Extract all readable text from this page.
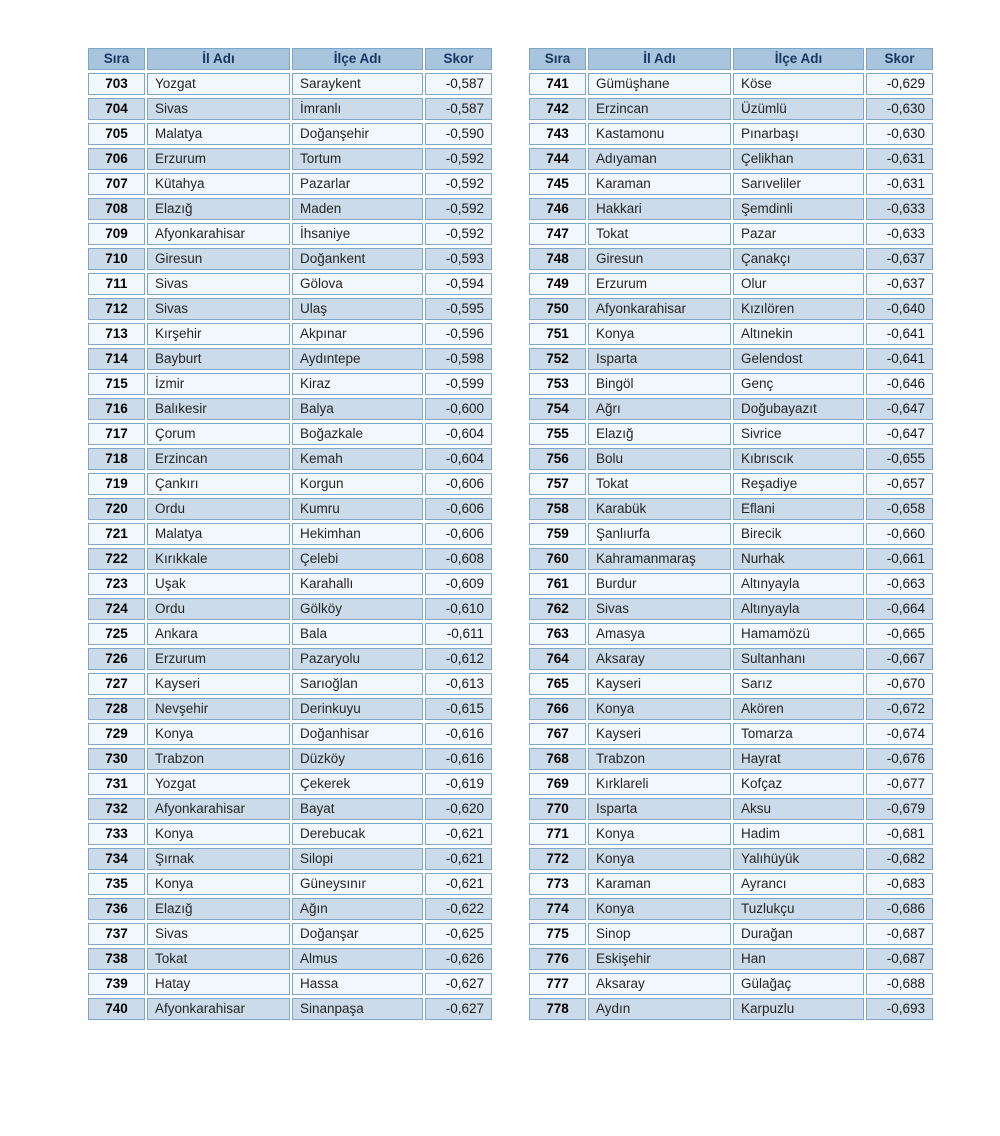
Sıra	İl Adı	İlçe Adı	Skor
703	Yozgat	Saraykent	-0,587
704	Sivas	İmranlı	-0,587
705	Malatya	Doğanşehir	-0,590
706	Erzurum	Tortum	-0,592
707	Kütahya	Pazarlar	-0,592
708	Elazığ	Maden	-0,592
709	Afyonkarahisar	İhsaniye	-0,592
710	Giresun	Doğankent	-0,593
711	Sivas	Gölova	-0,594
712	Sivas	Ulaş	-0,595
713	Kırşehir	Akpınar	-0,596
714	Bayburt	Aydıntepe	-0,598
715	İzmir	Kiraz	-0,599
716	Balıkesir	Balya	-0,600
717	Çorum	Boğazkale	-0,604
718	Erzincan	Kemah	-0,604
719	Çankırı	Korgun	-0,606
720	Ordu	Kumru	-0,606
721	Malatya	Hekimhan	-0,606
722	Kırıkkale	Çelebi	-0,608
723	Uşak	Karahallı	-0,609
724	Ordu	Gölköy	-0,610
725	Ankara	Bala	-0,611
726	Erzurum	Pazaryolu	-0,612
727	Kayseri	Sarıoğlan	-0,613
728	Nevşehir	Derinkuyu	-0,615
729	Konya	Doğanhisar	-0,616
730	Trabzon	Düzköy	-0,616
731	Yozgat	Çekerek	-0,619
732	Afyonkarahisar	Bayat	-0,620
733	Konya	Derebucak	-0,621
734	Şırnak	Silopi	-0,621
735	Konya	Güneysınır	-0,621
736	Elazığ	Ağın	-0,622
737	Sivas	Doğanşar	-0,625
738	Tokat	Almus	-0,626
739	Hatay	Hassa	-0,627
740	Afyonkarahisar	Sinanpaşa	-0,627
Sıra	İl Adı	İlçe Adı	Skor
741	Gümüşhane	Köse	-0,629
742	Erzincan	Üzümlü	-0,630
743	Kastamonu	Pınarbaşı	-0,630
744	Adıyaman	Çelikhan	-0,631
745	Karaman	Sarıveliler	-0,631
746	Hakkari	Şemdinli	-0,633
747	Tokat	Pazar	-0,633
748	Giresun	Çanakçı	-0,637
749	Erzurum	Olur	-0,637
750	Afyonkarahisar	Kızılören	-0,640
751	Konya	Altınekin	-0,641
752	Isparta	Gelendost	-0,641
753	Bingöl	Genç	-0,646
754	Ağrı	Doğubayazıt	-0,647
755	Elazığ	Sivrice	-0,647
756	Bolu	Kıbrıscık	-0,655
757	Tokat	Reşadiye	-0,657
758	Karabük	Eflani	-0,658
759	Şanlıurfa	Birecik	-0,660
760	Kahramanmaraş	Nurhak	-0,661
761	Burdur	Altınyayla	-0,663
762	Sivas	Altınyayla	-0,664
763	Amasya	Hamamözü	-0,665
764	Aksaray	Sultanhanı	-0,667
765	Kayseri	Sarız	-0,670
766	Konya	Akören	-0,672
767	Kayseri	Tomarza	-0,674
768	Trabzon	Hayrat	-0,676
769	Kırklareli	Kofçaz	-0,677
770	Isparta	Aksu	-0,679
771	Konya	Hadim	-0,681
772	Konya	Yalıhüyük	-0,682
773	Karaman	Ayrancı	-0,683
774	Konya	Tuzlukçu	-0,686
775	Sinop	Durağan	-0,687
776	Eskişehir	Han	-0,687
777	Aksaray	Gülağaç	-0,688
778	Aydın	Karpuzlu	-0,693
